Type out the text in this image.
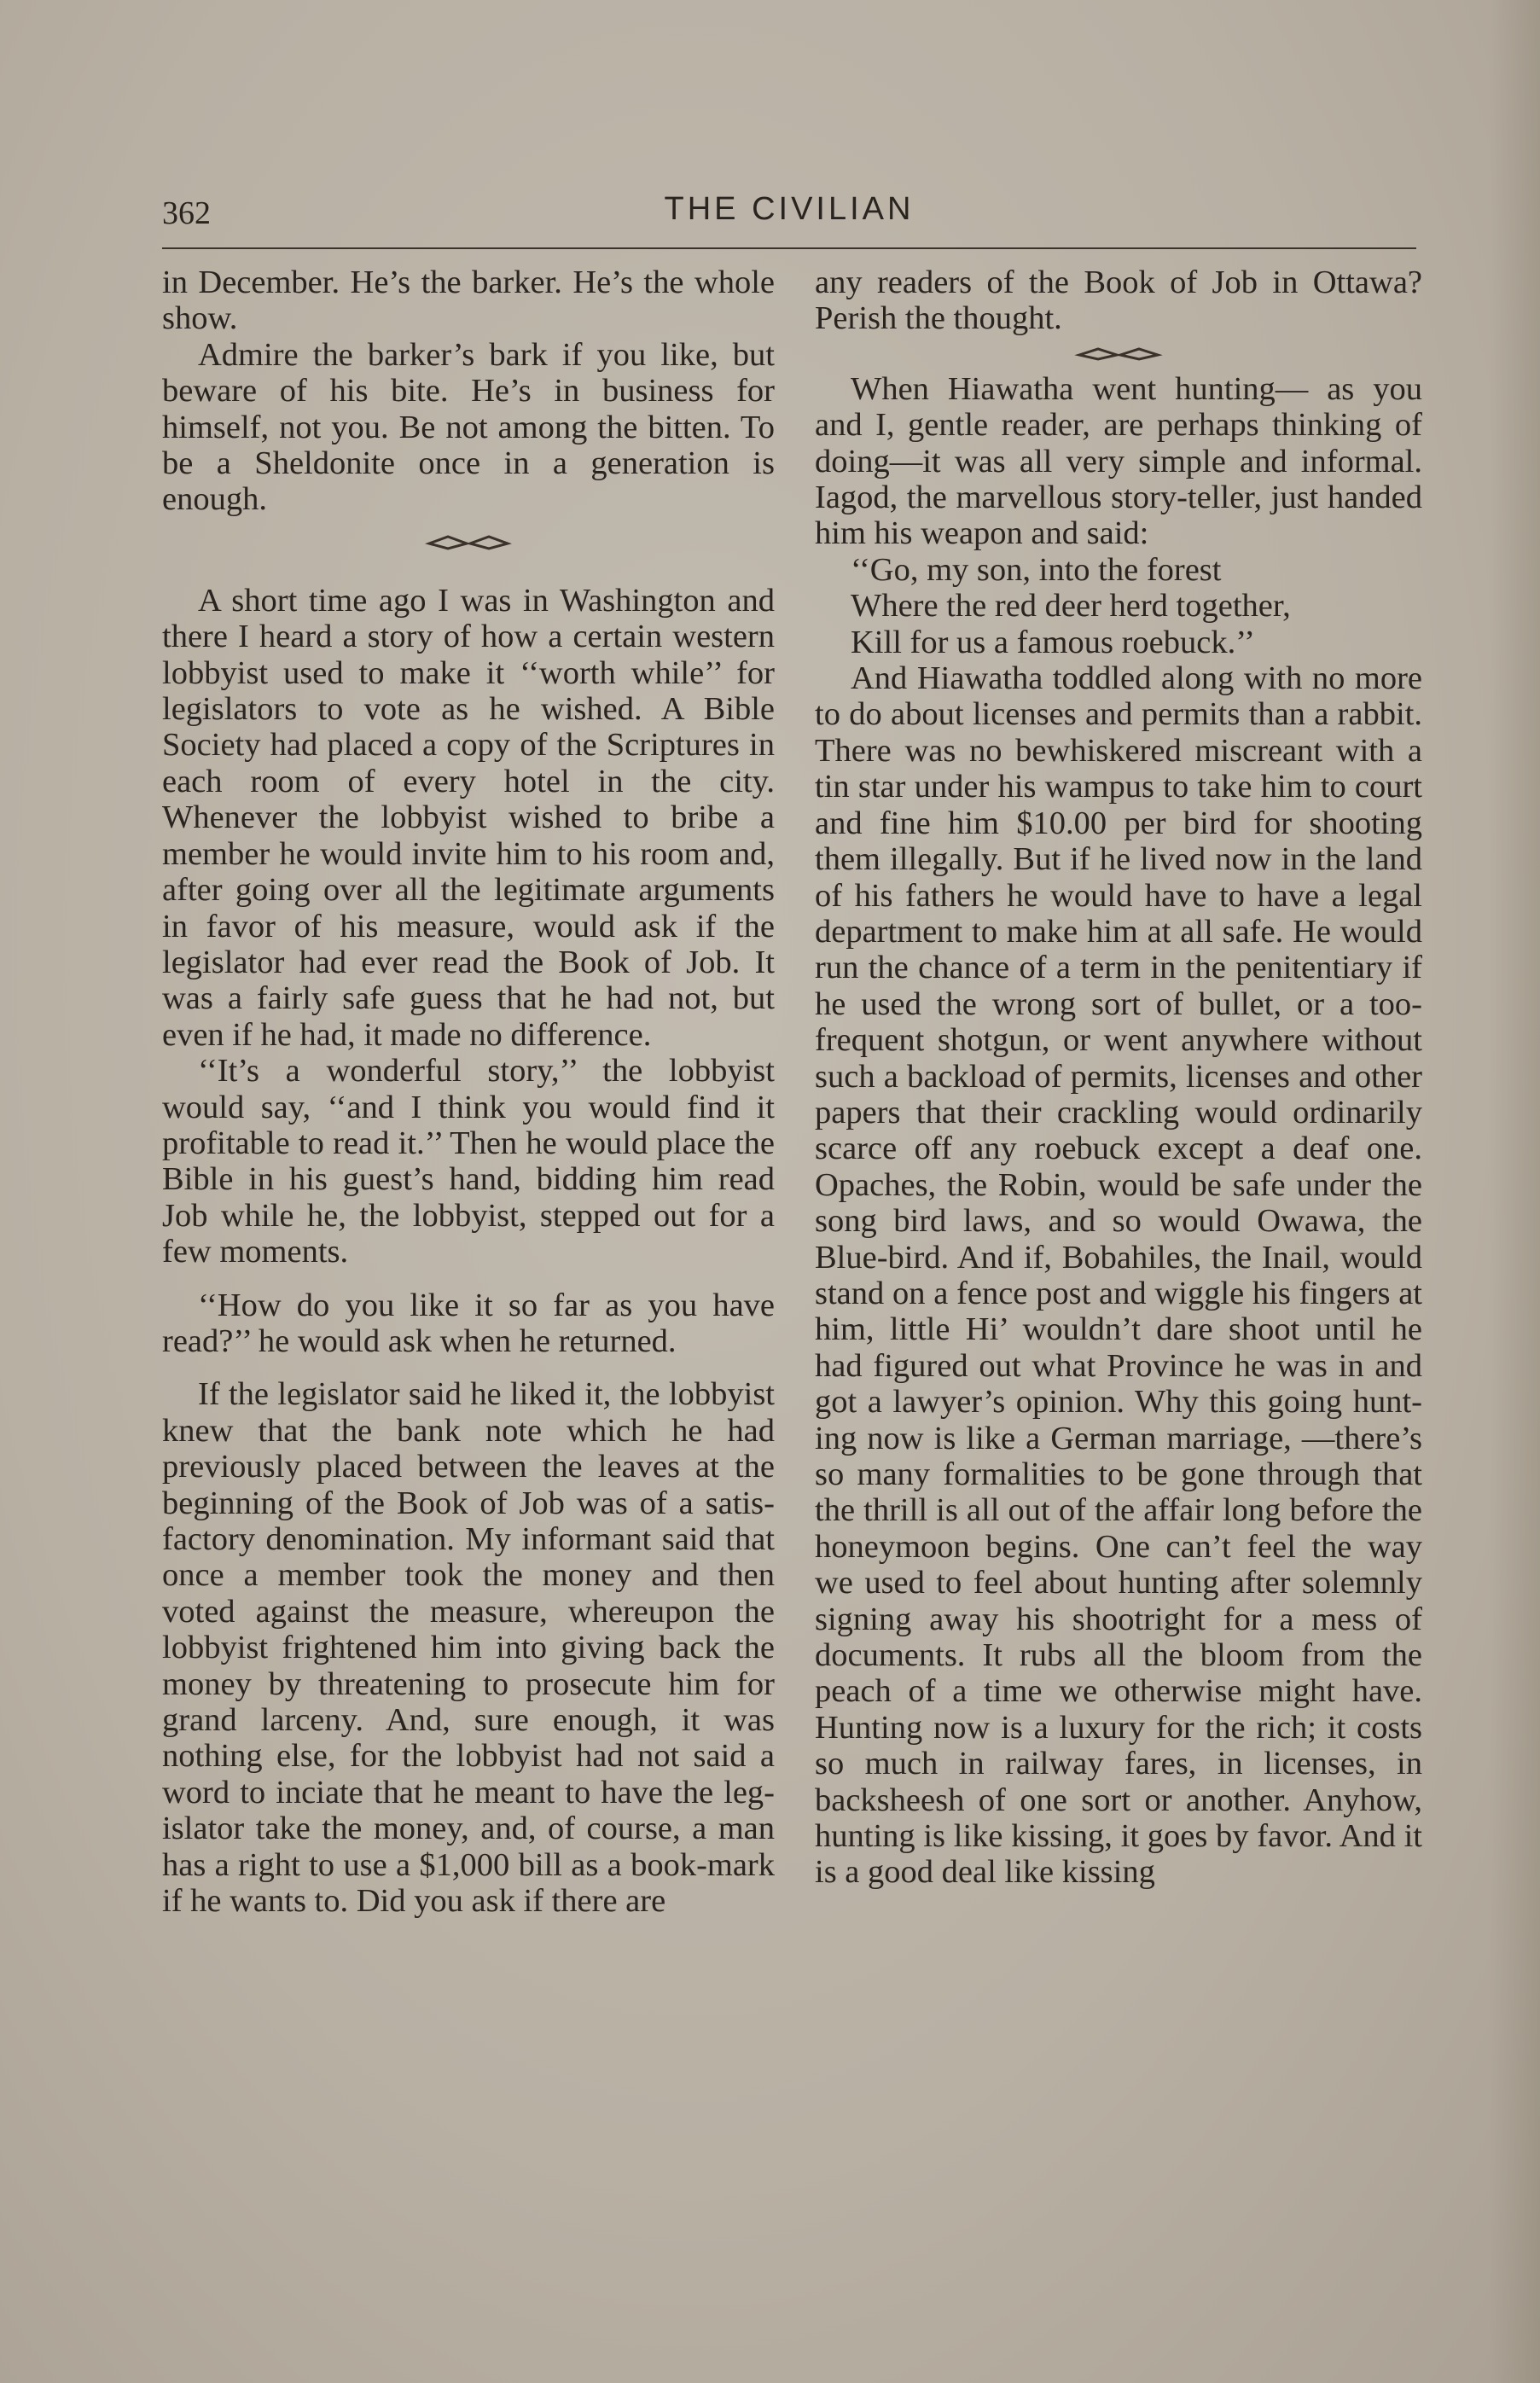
362	THE CIVILIAN

in December. He’s the barker. He’s the whole show.

Admire the barker’s bark if you like, but beware of his bite. He’s in business for himself, not you. Be not among the bitten. To be a Sheldonite once in a generation is enough.

A short time ago I was in Washington and there I heard a story of how a certain western lobbyist used to make it ‘‘worth while’’ for legislators to vote as he wished. A Bible Society had placed a copy of the Scriptures in each room of every hotel in the city. Whenever the lobbyist wished to bribe a member he would invite him to his room and, after going over all the legitimate arguments in favor of his measure, would ask if the legislator had ever read the Book of Job. It was a fairly safe guess that he had not, but even if he had, it made no difference.

‘‘It’s a wonderful story,’’ the lobbyist would say, ‘‘and I think you would find it profitable to read it.’’ Then he would place the Bible in his guest’s hand, bidding him read Job while he, the lobbyist, stepped out for a few moments.

‘‘How do you like it so far as you have read?’’ he would ask when he returned.

If the legislator said he liked it, the lobbyist knew that the bank note which he had previously placed between the leaves at the beginning of the Book of Job was of a satisfactory denomination. My informant said that once a member took the money and then voted against the measure, whereupon the lobbyist frightened him into giving back the money by threatening to prosecute him for grand larceny. And, sure enough, it was nothing else, for the lobbyist had not said a word to inciate that he meant to have the legislator take the money, and, of course, a man has a right to use a $1,000 bill as a book-mark if he wants to. Did you ask if there are

any readers of the Book of Job in Ottawa? Perish the thought.

When Hiawatha went hunting— as you and I, gentle reader, are perhaps thinking of doing—it was all very simple and informal. Iagod, the marvellous story-teller, just handed him his weapon and said:

‘‘Go, my son, into the forest

Where the red deer herd together,

Kill for us a famous roebuck.’’

And Hiawatha toddled along with no more to do about licenses and permits than a rabbit. There was no bewhiskered miscreant with a tin star under his wampus to take him to court and fine him $10.00 per bird for shooting them illegally. But if he lived now in the land of his fathers he would have to have a legal department to make him at all safe. He would run the chance of a term in the penitentiary if he used the wrong sort of bullet, or a too-frequent shotgun, or went anywhere without such a backload of permits, licenses and other papers that their crackling would ordinarily scarce off any roebuck except a deaf one. Opaches, the Robin, would be safe under the song bird laws, and so would Owawa, the Blue-bird. And if, Bobahiles, the Inail, would stand on a fence post and wiggle his fingers at him, little Hi’ wouldn’t dare shoot until he had figured out what Province he was in and got a lawyer’s opinion. Why this going hunting now is like a German marriage, —there’s so many formalities to be gone through that the thrill is all out of the affair long before the honeymoon begins. One can’t feel the way we used to feel about hunting after solemnly signing away his shootright for a mess of documents. It rubs all the bloom from the peach of a time we otherwise might have. Hunting now is a luxury for the rich; it costs so much in railway fares, in licenses, in backsheesh of one sort or another. Anyhow, hunting is like kissing, it goes by favor. And it is a good deal like kissing
